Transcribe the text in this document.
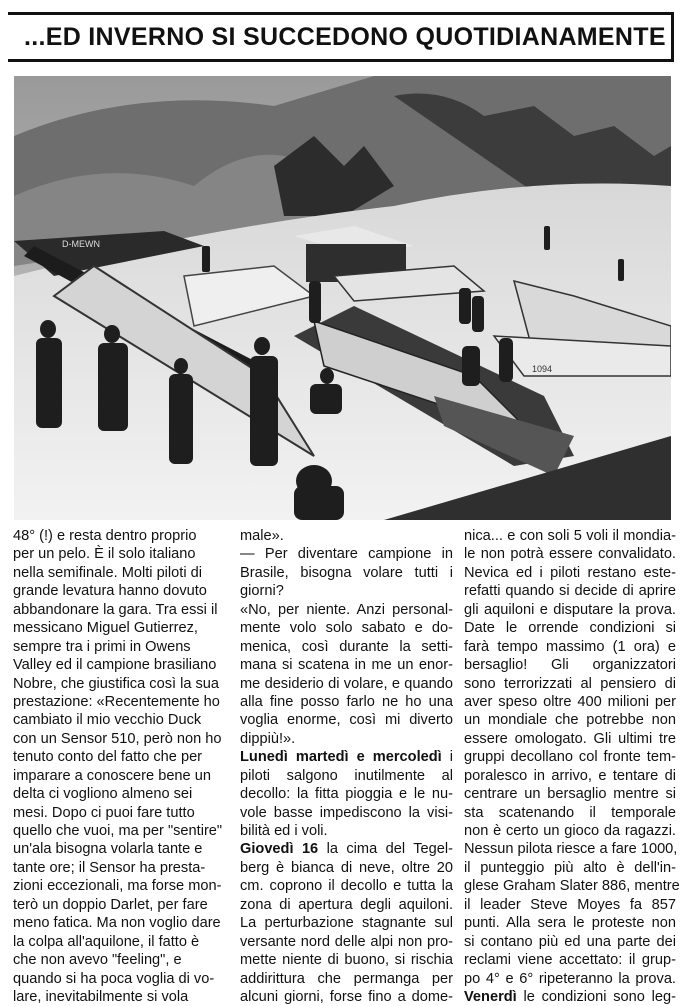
...ED INVERNO SI SUCCEDONO QUOTIDIANAMENTE
D-MEWN
1094
48° (!) e resta dentro proprio
per un pelo. È il solo italiano
nella semifinale. Molti piloti di
grande levatura hanno dovuto
abbandonare la gara. Tra essi il
messicano Miguel Gutierrez,
sempre tra i primi in Owens
Valley ed il campione brasiliano
Nobre, che giustifica così la sua
prestazione: «Recentemente ho
cambiato il mio vecchio Duck
con un Sensor 510, però non ho
tenuto conto del fatto che per
imparare a conoscere bene un
delta ci vogliono almeno sei
mesi. Dopo ci puoi fare tutto
quello che vuoi, ma per "sentire"
un'ala bisogna volarla tante e
tante ore; il Sensor ha presta-
zioni eccezionali, ma forse mon-
terò un doppio Darlet, per fare
meno fatica. Ma non voglio dare
la colpa all'aquilone, il fatto è
che non avevo "feeling", e
quando si ha poca voglia di vo-
lare, inevitabilmente si vola
male».
— Per diventare campione in
Brasile, bisogna volare tutti i
giorni?
«No, per niente. Anzi personal-
mente volo solo sabato e do-
menica, così durante la setti-
mana si scatena in me un enor-
me desiderio di volare, e quando
alla fine posso farlo ne ho una
voglia enorme, così mi diverto
dippiù!».
Lunedì martedì e mercoledì i
piloti salgono inutilmente al
decollo: la fitta pioggia e le nu-
vole basse impediscono la visi-
bilità ed i voli.
Giovedì 16 la cima del Tegel-
berg è bianca di neve, oltre 20
cm. coprono il decollo e tutta la
zona di apertura degli aquiloni.
La perturbazione stagnante sul
versante nord delle alpi non pro-
mette niente di buono, si rischia
addirittura che permanga per
alcuni giorni, forse fino a dome-
nica... e con soli 5 voli il mondia-
le non potrà essere convalidato.
Nevica ed i piloti restano este-
refatti quando si decide di aprire
gli aquiloni e disputare la prova.
Date le orrende condizioni si
farà tempo massimo (1 ora) e
bersaglio! Gli organizzatori
sono terrorizzati al pensiero di
aver speso oltre 400 milioni per
un mondiale che potrebbe non
essere omologato. Gli ultimi tre
gruppi decollano col fronte tem-
poralesco in arrivo, e tentare di
centrare un bersaglio mentre si
sta scatenando il temporale
non è certo un gioco da ragazzi.
Nessun pilota riesce a fare 1000,
il punteggio più alto è dell'in-
glese Graham Slater 886, mentre
il leader Steve Moyes fa 857
punti. Alla sera le proteste non
si contano più ed una parte dei
reclami viene accettato: il grup-
po 4° e 6° ripeteranno la prova.
Venerdì le condizioni sono leg-
